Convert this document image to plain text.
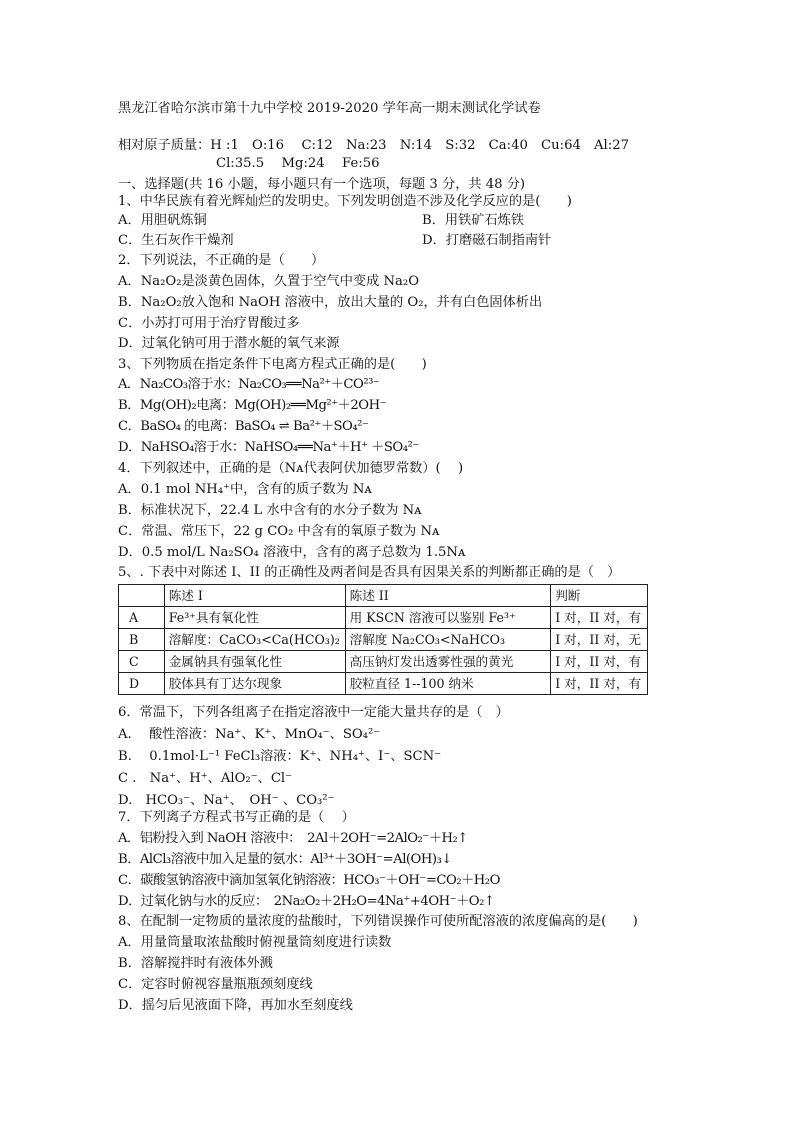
黑龙江省哈尔滨市第十九中学校 2019-2020 学年高一期末测试化学试卷
相对原子质量：H :1　O:16　 C:12　Na:23　N:14　S:32　Ca:40　Cu:64　Al:27
Cl:35.5　 Mg:24　 Fe:56
一、选择题(共 16 小题，每小题只有一个选项，每题 3 分，共 48 分)
1、中华民族有着光辉灿烂的发明史。下列发明创造不涉及化学反应的是(　　)
A．用胆矾炼铜	B．用铁矿石炼铁
C．生石灰作干燥剂	D．打磨磁石制指南针
2．下列说法，不正确的是（　　）
A．Na₂O₂是淡黄色固体，久置于空气中变成 Na₂O
B．Na₂O₂放入饱和 NaOH 溶液中，放出大量的 O₂，并有白色固体析出
C．小苏打可用于治疗胃酸过多
D．过氧化钠可用于潜水艇的氧气来源
3、下列物质在指定条件下电离方程式正确的是(　　)
A．Na₂CO₃溶于水：Na₂CO₃══Na²⁺＋CO²³⁻
B．Mg(OH)₂电离：Mg(OH)₂══Mg²⁺＋2OH⁻
C．BaSO₄ 的电离：BaSO₄ ⇌ Ba²⁺＋SO₄²⁻
D．NaHSO₄溶于水：NaHSO₄══Na⁺＋H⁺ ＋SO₄²⁻
4．下列叙述中，正确的是（Nᴀ代表阿伏加德罗常数）(　 )
A．0.1 mol NH₄⁺中，含有的质子数为 Nᴀ
B．标准状况下，22.4 L 水中含有的水分子数为 Nᴀ
C．常温、常压下，22 g CO₂ 中含有的氧原子数为 Nᴀ
D．0.5 mol/L Na₂SO₄ 溶液中，含有的离子总数为 1.5Nᴀ
5、. 下表中对陈述 I、II 的正确性及两者间是否具有因果关系的判断都正确的是（　）
	陈述 I	陈述 II	判断
A	Fe³⁺具有氧化性	用 KSCN 溶液可以鉴别 Fe³⁺	I 对，II 对，有
B	溶解度：CaCO₃<Ca(HCO₃)₂	溶解度 Na₂CO₃<NaHCO₃	I 对，II 对，无
C	金属钠具有强氧化性	高压钠灯发出透雾性强的黄光	I 对，II 对，有
D	胶体具有丁达尔现象	胶粒直径 1--100 纳米	I 对，II 对，有
6．常温下，下列各组离子在指定溶液中一定能大量共存的是（　）
A.　 酸性溶液：Na⁺、K⁺、MnO₄⁻、SO₄²⁻
B.　 0.1mol·L⁻¹ FeCl₃溶液：K⁺、NH₄⁺、I⁻、SCN⁻
C .　Na⁺、H⁺、AlO₂⁻、Cl⁻
D.　HCO₃⁻、Na⁺、　OH⁻ 、CO₃²⁻
7．下列离子方程式书写正确的是（　 ）
A．铝粉投入到 NaOH 溶液中：　2Al＋2OH⁻=2AlO₂⁻＋H₂↑
B．AlCl₃溶液中加入足量的氨水：Al³⁺＋3OH⁻=Al(OH)₃↓
C．碳酸氢钠溶液中滴加氢氧化钠溶液：HCO₃⁻＋OH⁻=CO₂＋H₂O
D．过氧化钠与水的反应：　2Na₂O₂＋2H₂O=4Na⁺+4OH⁻＋O₂↑
8、在配制一定物质的量浓度的盐酸时，下列错误操作可使所配溶液的浓度偏高的是(　　)
A．用量筒量取浓盐酸时俯视量筒刻度进行读数
B．溶解搅拌时有液体外溅
C．定容时俯视容量瓶瓶颈刻度线
D．摇匀后见液面下降，再加水至刻度线
